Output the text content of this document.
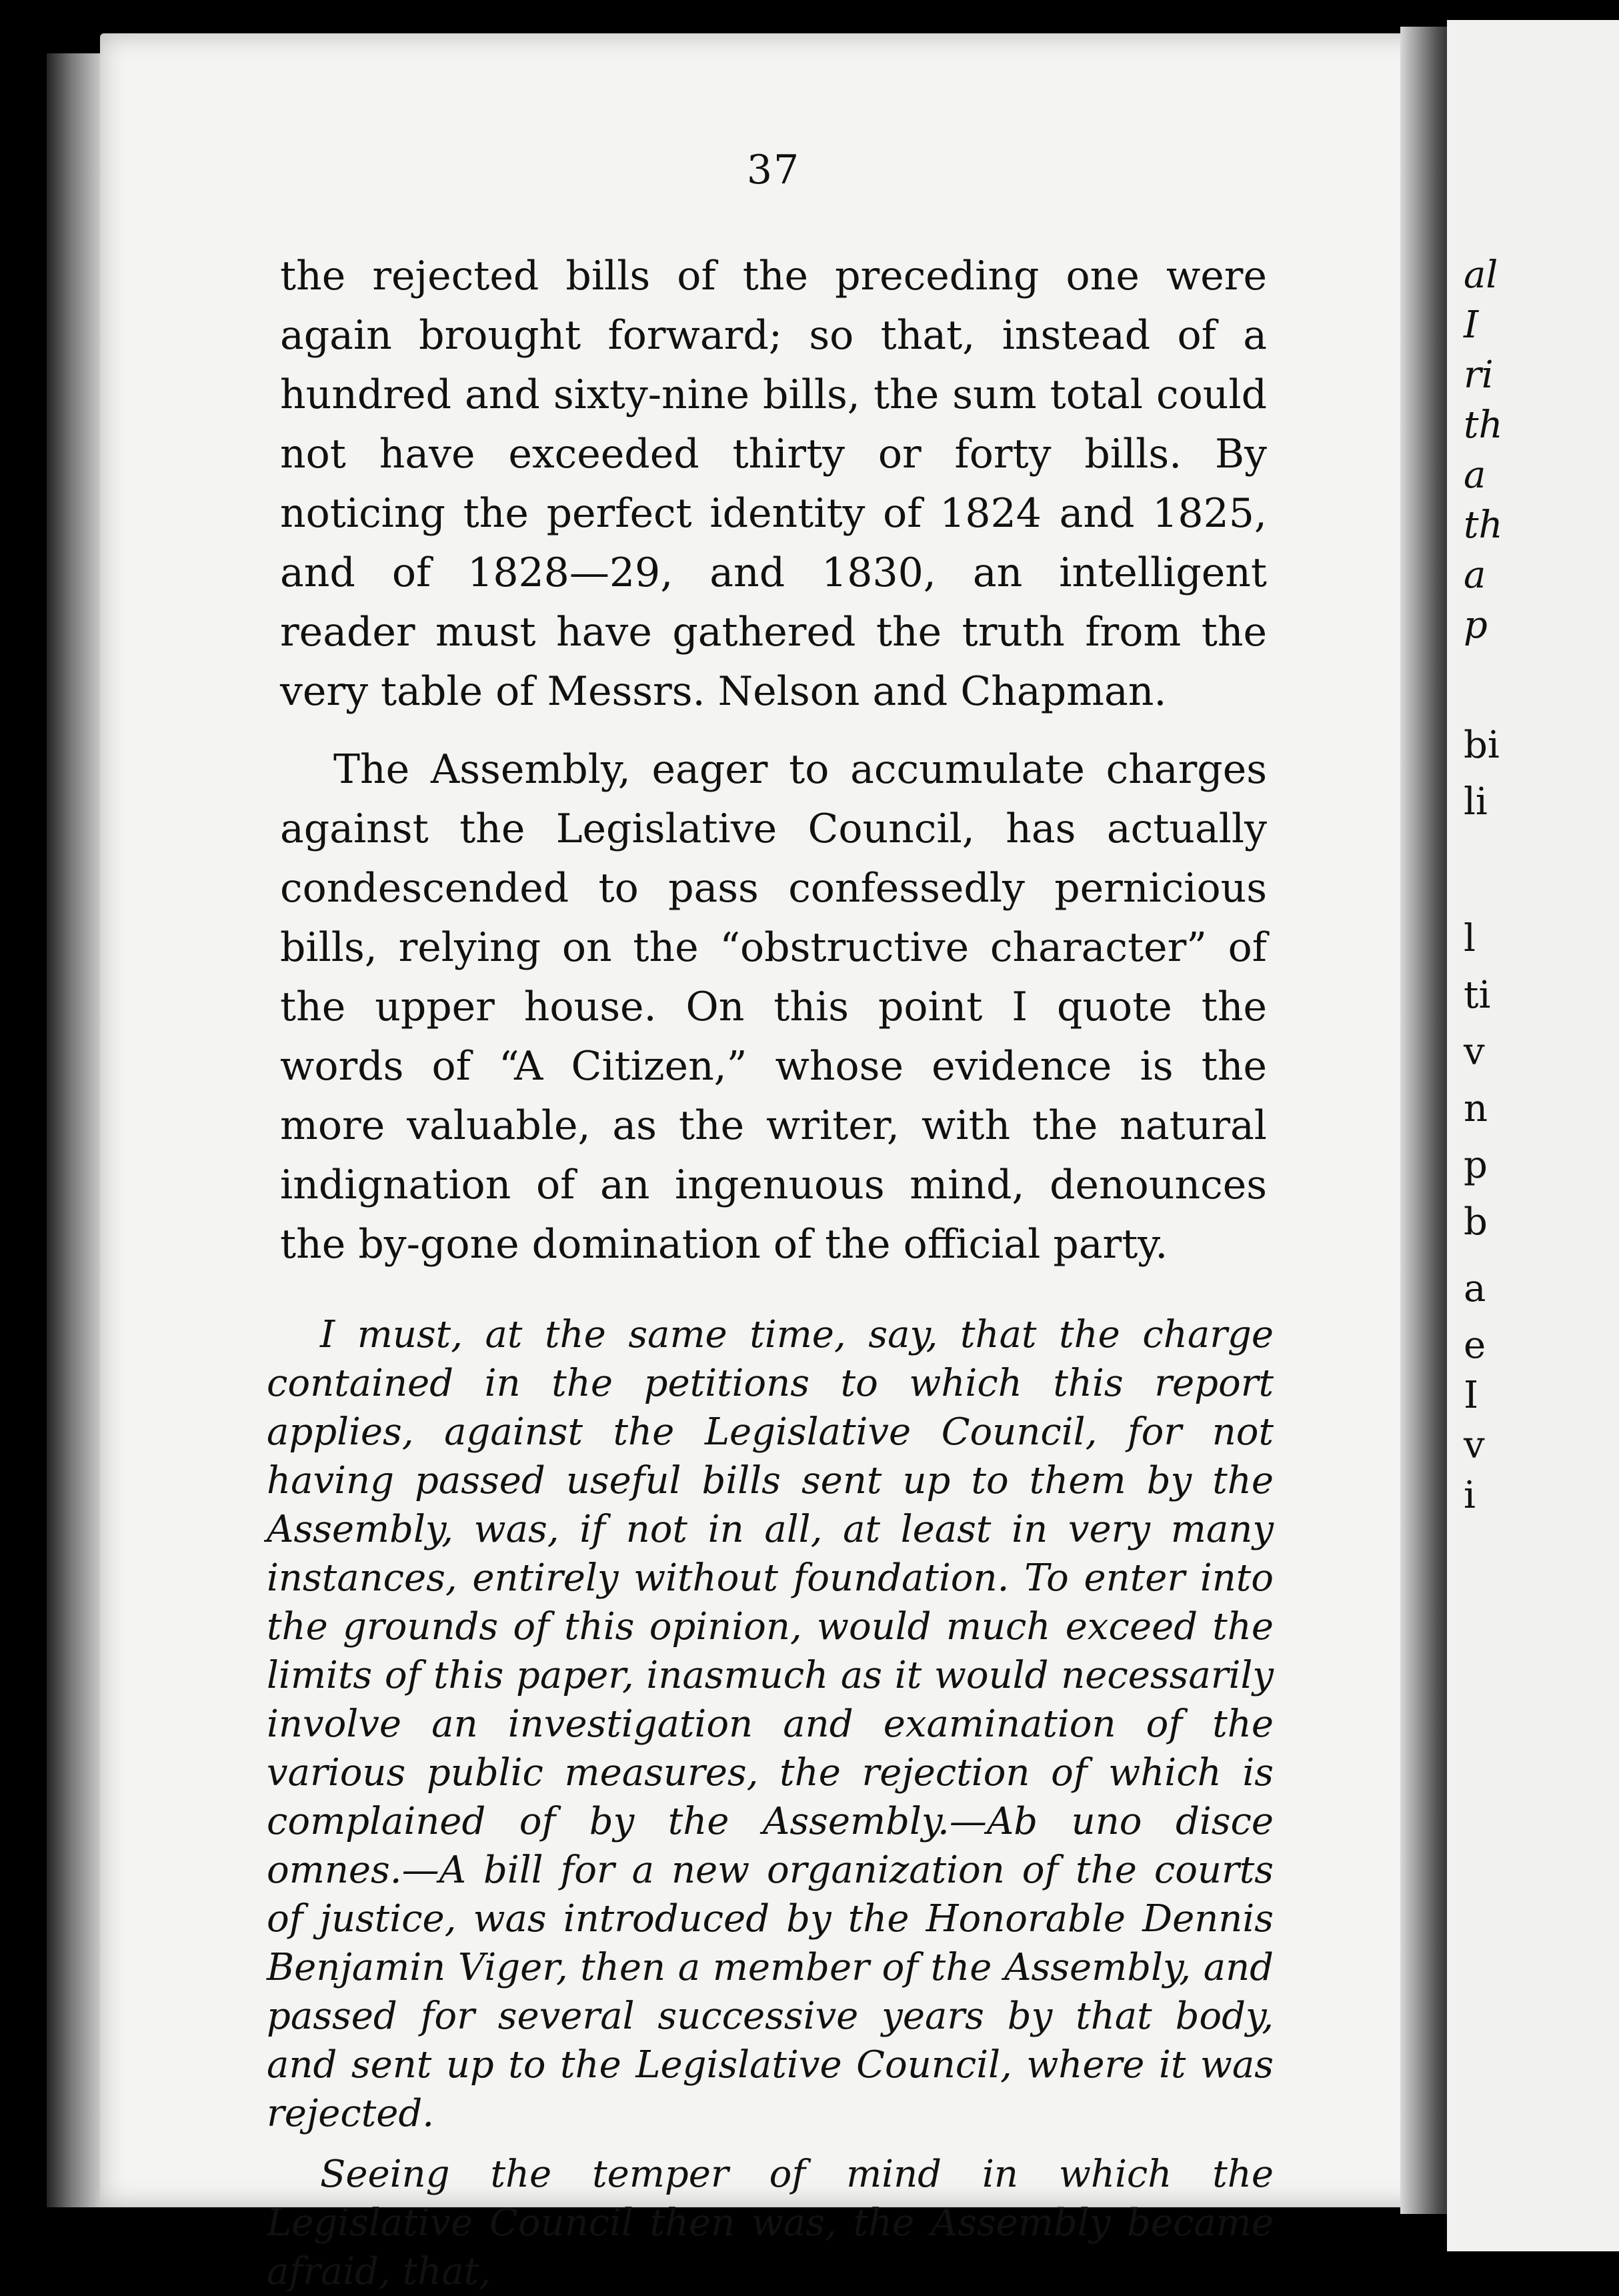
al
I
ri
th
a
th
a
p
bi
li
l
ti
v
n
p
b
a
e
I
v
i
37

the rejected bills of the preceding one were again brought forward; so that, instead of a hundred and sixty-nine bills, the sum total could not have exceeded thirty or forty bills. By noticing the perfect identity of 1824 and 1825, and of 1828—29, and 1830, an intelligent reader must have gathered the truth from the very table of Messrs. Nelson and Chapman.

The Assembly, eager to accumulate charges against the Legislative Council, has actually condescended to pass confessedly pernicious bills, relying on the “obstructive character” of the upper house. On this point I quote the words of “A Citizen,” whose evidence is the more valuable, as the writer, with the natural indignation of an ingenuous mind, denounces the by-gone domination of the official party.

I must, at the same time, say, that the charge contained in the petitions to which this report applies, against the Legislative Council, for not having passed useful bills sent up to them by the Assembly, was, if not in all, at least in very many instances, entirely without foundation. To enter into the grounds of this opinion, would much exceed the limits of this paper, inasmuch as it would necessarily involve an investigation and examination of the various public measures, the rejection of which is complained of by the Assembly.—Ab uno disce omnes.—A bill for a new organization of the courts of justice, was introduced by the Honorable Dennis Benjamin Viger, then a member of the Assembly, and passed for several successive years by that body, and sent up to the Legislative Council, where it was rejected.

Seeing the temper of mind in which the Legislative Council then was, the Assembly became afraid, that,
